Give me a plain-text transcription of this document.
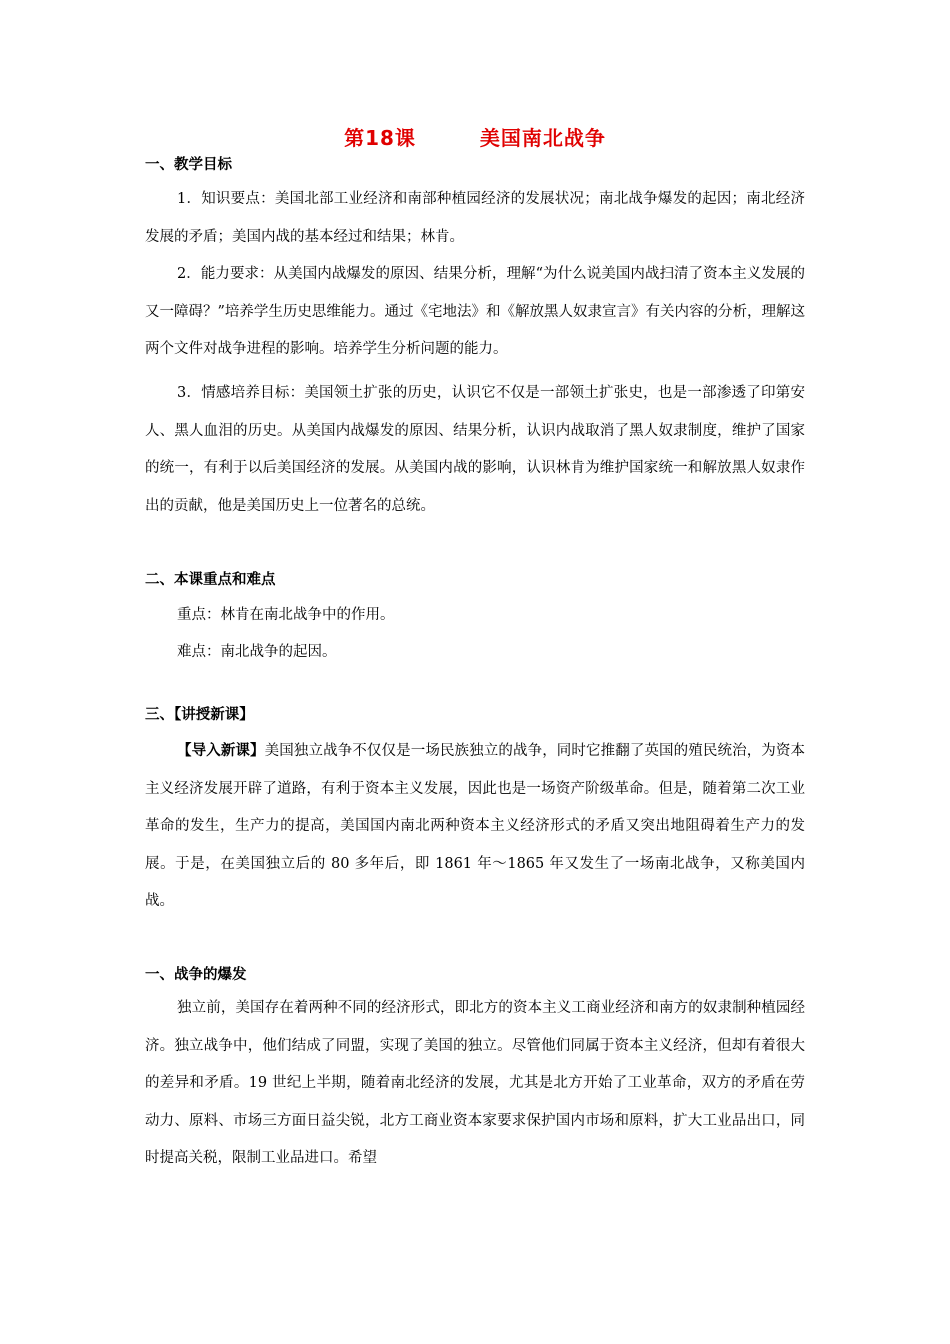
第18课	美国南北战争
一、教学目标
1．知识要点：美国北部工业经济和南部种植园经济的发展状况；南北战争爆发的起因；南北经济发展的矛盾；美国内战的基本经过和结果；林肯。
2．能力要求：从美国内战爆发的原因、结果分析，理解“为什么说美国内战扫清了资本主义发展的又一障碍？”培养学生历史思维能力。通过《宅地法》和《解放黑人奴隶宣言》有关内容的分析，理解这两个文件对战争进程的影响。培养学生分析问题的能力。
3．情感培养目标：美国领土扩张的历史，认识它不仅是一部领土扩张史，也是一部渗透了印第安人、黑人血泪的历史。从美国内战爆发的原因、结果分析，认识内战取消了黑人奴隶制度，维护了国家的统一，有利于以后美国经济的发展。从美国内战的影响，认识林肯为维护国家统一和解放黑人奴隶作出的贡献，他是美国历史上一位著名的总统。
二、本课重点和难点
重点：林肯在南北战争中的作用。
难点：南北战争的起因。
三、【讲授新课】
【导入新课】美国独立战争不仅仅是一场民族独立的战争，同时它推翻了英国的殖民统治，为资本主义经济发展开辟了道路，有利于资本主义发展，因此也是一场资产阶级革命。但是，随着第二次工业革命的发生，生产力的提高，美国国内南北两种资本主义经济形式的矛盾又突出地阻碍着生产力的发展。于是，在美国独立后的 80 多年后，即 1861 年～1865 年又发生了一场南北战争，又称美国内战。
一、战争的爆发
独立前，美国存在着两种不同的经济形式，即北方的资本主义工商业经济和南方的奴隶制种植园经济。独立战争中，他们结成了同盟，实现了美国的独立。尽管他们同属于资本主义经济，但却有着很大的差异和矛盾。19 世纪上半期，随着南北经济的发展，尤其是北方开始了工业革命，双方的矛盾在劳动力、原料、市场三方面日益尖锐，北方工商业资本家要求保护国内市场和原料，扩大工业品出口，同时提高关税，限制工业品进口。希望
